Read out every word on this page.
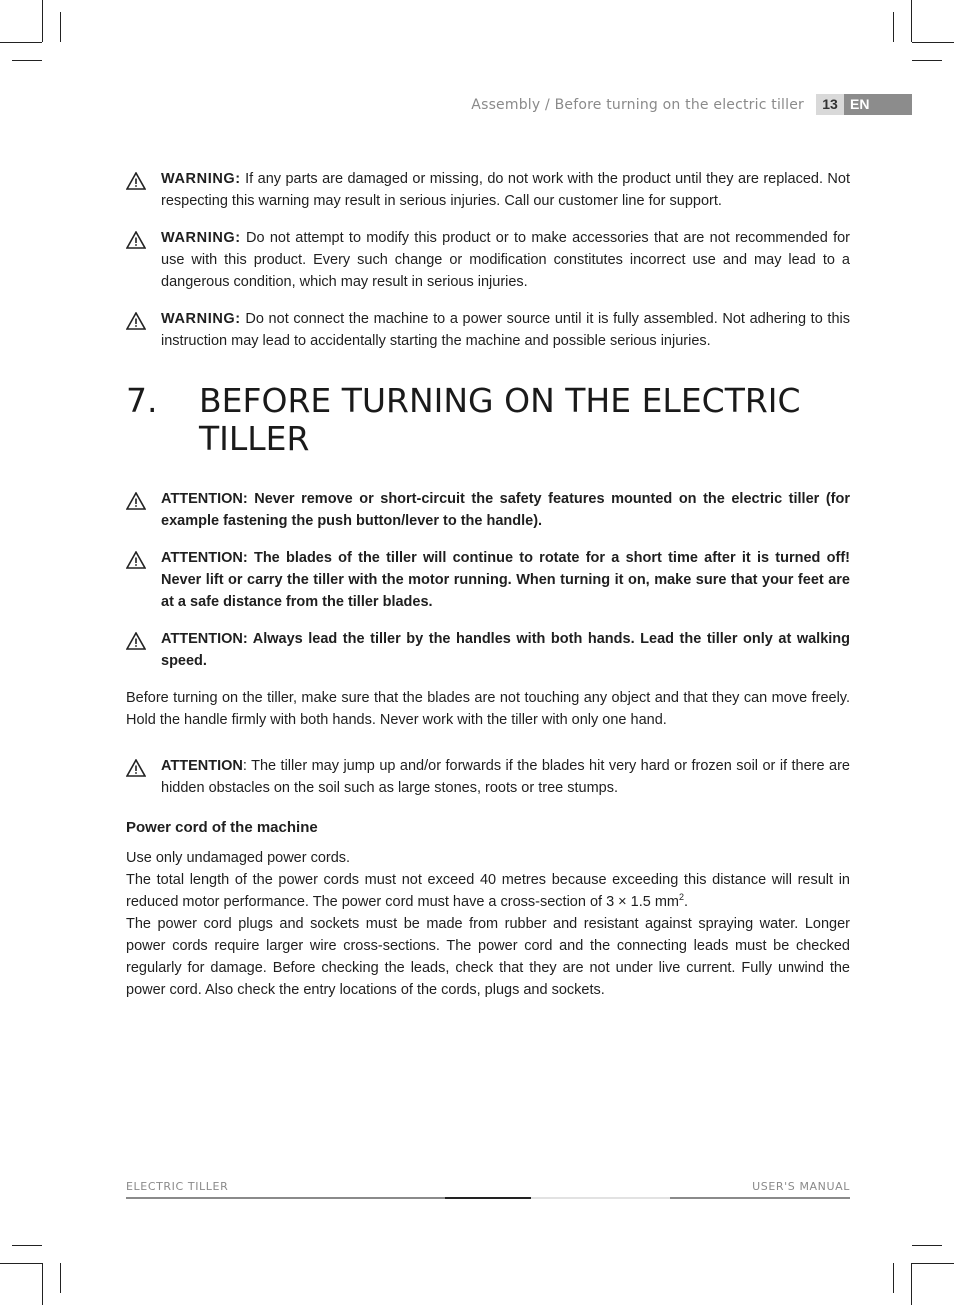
Assembly / Before turning on the electric tiller	13 EN
WARNING: If any parts are damaged or missing, do not work with the product until they are replaced. Not respecting this warning may result in serious injuries. Call our customer line for support.
WARNING: Do not attempt to modify this product or to make accessories that are not recommended for use with this product. Every such change or modification constitutes incorrect use and may lead to a dangerous condition, which may result in serious injuries.
WARNING: Do not connect the machine to a power source until it is fully assembled. Not adhering to this instruction may lead to accidentally starting the machine and possible serious injuries.
7.	BEFORE TURNING ON THE ELECTRIC TILLER
ATTENTION: Never remove or short-circuit the safety features mounted on the electric tiller (for example fastening the push button/lever to the handle).
ATTENTION: The blades of the tiller will continue to rotate for a short time after it is turned off! Never lift or carry the tiller with the motor running. When turning it on, make sure that your feet are at a safe distance from the tiller blades.
ATTENTION: Always lead the tiller by the handles with both hands. Lead the tiller only at walking speed.

Before turning on the tiller, make sure that the blades are not touching any object and that they can move freely. Hold the handle firmly with both hands. Never work with the tiller with only one hand.

ATTENTION: The tiller may jump up and/or forwards if the blades hit very hard or frozen soil or if there are hidden obstacles on the soil such as large stones, roots or tree stumps.
Power cord of the machine

Use only undamaged power cords.

The total length of the power cords must not exceed 40 metres because exceeding this distance will result in reduced motor performance. The power cord must have a cross-section of 3 × 1.5 $mm^2$.

The power cord plugs and sockets must be made from rubber and resistant against spraying water. Longer power cords require larger wire cross-sections. The power cord and the connecting leads must be checked regularly for damage. Before checking the leads, check that they are not under live current. Fully unwind the power cord. Also check the entry locations of the cords, plugs and sockets.

ELECTRIC TILLER	USER'S MANUAL
